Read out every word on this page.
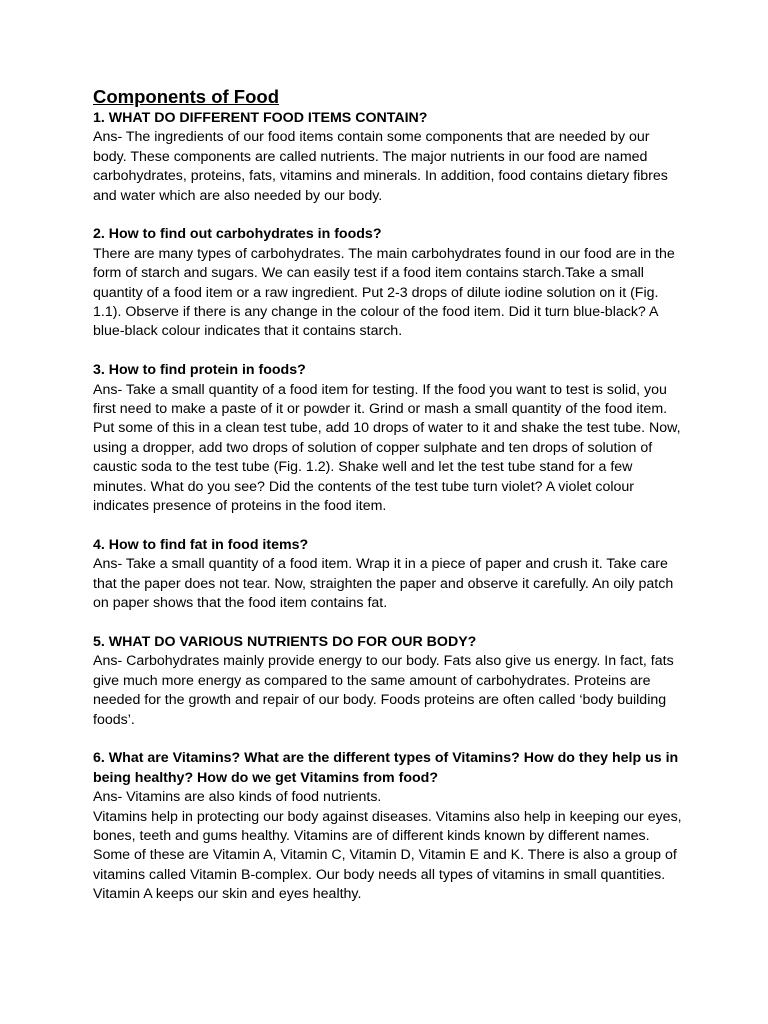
Components of Food

1. WHAT DO DIFFERENT FOOD ITEMS CONTAIN?

Ans- The ingredients of our food items contain some components that are needed by our body. These components are called nutrients. The major nutrients in our food are named carbohydrates, proteins, fats, vitamins and minerals. In addition, food contains dietary fibres and water which are also needed by our body.

2. How to find out carbohydrates in foods?

There are many types of carbohydrates. The main carbohydrates found in our food are in the form of starch and sugars. We can easily test if a food item contains starch.Take a small quantity of a food item or a raw ingredient. Put 2-3 drops of dilute iodine solution on it (Fig. 1.1). Observe if there is any change in the colour of the food item. Did it turn blue-black? A blue-black colour indicates that it contains starch.

3. How to find protein in foods?

Ans- Take a small quantity of a food item for testing. If the food you want to test is solid, you first need to make a paste of it or powder it. Grind or mash a small quantity of the food item. Put some of this in a clean test tube, add 10 drops of water to it and shake the test tube. Now, using a dropper, add two drops of solution of copper sulphate and ten drops of solution of caustic soda to the test tube (Fig. 1.2). Shake well and let the test tube stand for a few minutes. What do you see? Did the contents of the test tube turn violet? A violet colour indicates presence of proteins in the food item.

4. How to find fat in food items?

Ans- Take a small quantity of a food item. Wrap it in a piece of paper and crush it. Take care that the paper does not tear. Now, straighten the paper and observe it carefully. An oily patch on paper shows that the food item contains fat.

5. WHAT DO VARIOUS NUTRIENTS DO FOR OUR BODY?

Ans- Carbohydrates mainly provide energy to our body. Fats also give us energy. In fact, fats give much more energy as compared to the same amount of carbohydrates. Proteins are needed for the growth and repair of our body. Foods proteins are often called ‘body building foods’.

6. What are Vitamins? What are the different types of Vitamins? How do they help us in being healthy? How do we get Vitamins from food?

Ans- Vitamins are also kinds of food nutrients.

Vitamins help in protecting our body against diseases. Vitamins also help in keeping our eyes, bones, teeth and gums healthy. Vitamins are of different kinds known by different names. Some of these are Vitamin A, Vitamin C, Vitamin D, Vitamin E and K. There is also a group of vitamins called Vitamin B-complex. Our body needs all types of vitamins in small quantities. Vitamin A keeps our skin and eyes healthy.
